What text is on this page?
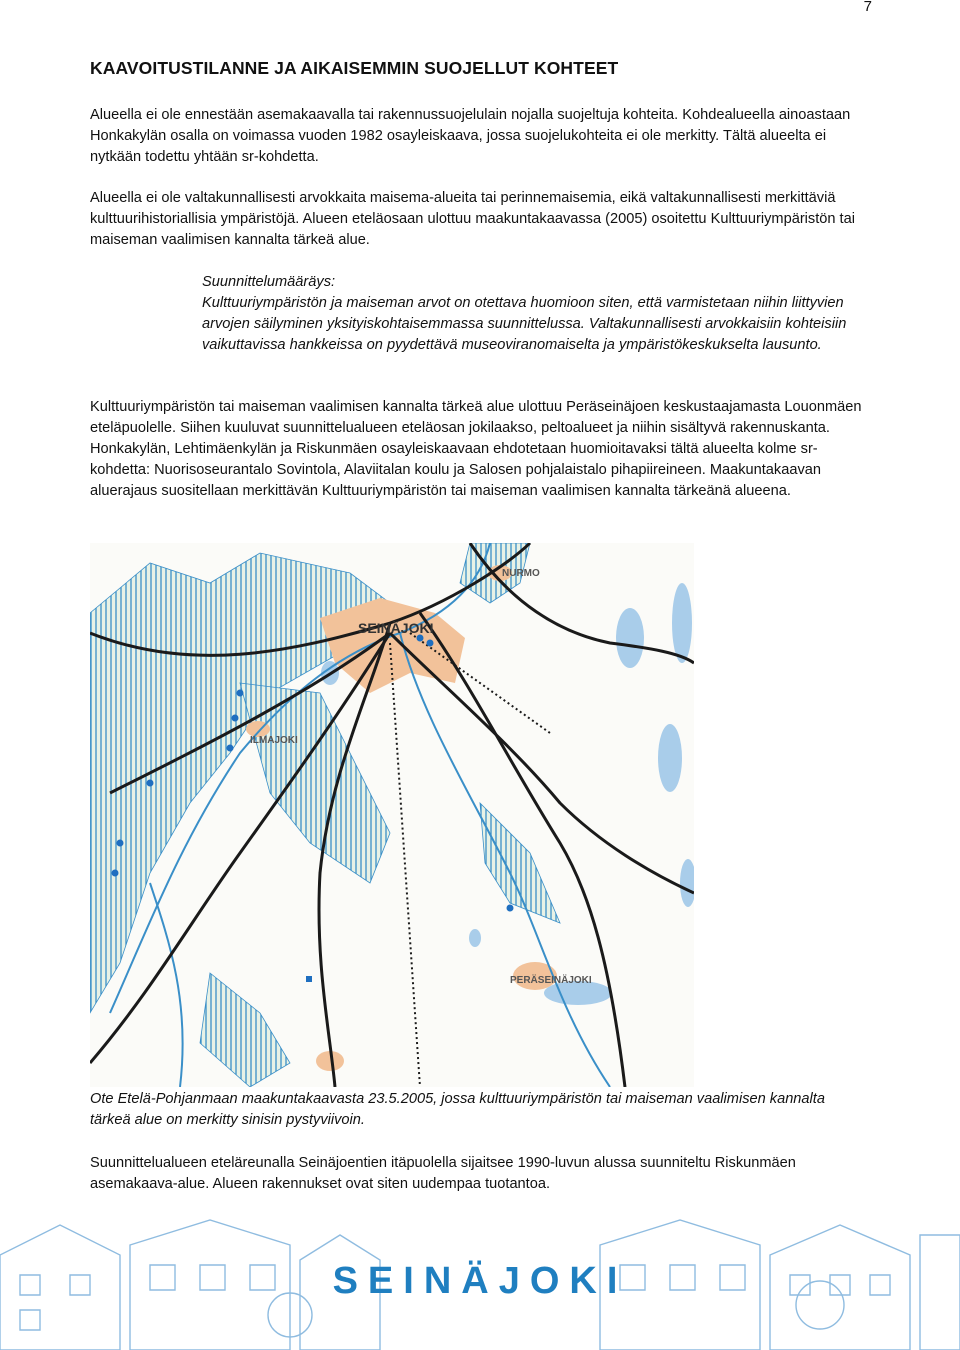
7
KAAVOITUSTILANNE JA AIKAISEMMIN SUOJELLUT KOHTEET

Alueella ei ole ennestään asemakaavalla tai rakennussuojelulain nojalla suojeltuja kohteita. Kohdealueella ainoastaan Honkakylän osalla on voimassa vuoden 1982 osayleiskaava, jossa suojelukohteita ei ole merkitty. Tältä alueelta ei nytkään todettu yhtään sr-kohdetta.

Alueella ei ole valtakunnallisesti arvokkaita maisema-alueita tai perinnemaisemia, eikä valtakunnallisesti merkittäviä kulttuurihistoriallisia ympäristöjä. Alueen eteläosaan ulottuu maakuntakaavassa (2005) osoitettu Kulttuuriympäristön tai maiseman vaalimisen kannalta tärkeä alue.

Suunnittelumääräys:
Kulttuuriympäristön ja maiseman arvot on otettava huomioon siten, että varmistetaan niihin liittyvien arvojen säilyminen yksityiskohtaisemmassa suunnittelussa. Valtakunnallisesti arvokkaisiin kohteisiin vaikuttavissa hankkeissa on pyydettävä museoviranomaiselta ja ympäristökeskukselta lausunto.

Kulttuuriympäristön tai maiseman vaalimisen kannalta tärkeä alue ulottuu Peräseinäjoen keskustaajamasta Louonmäen eteläpuolelle. Siihen kuuluvat suunnittelualueen eteläosan jokilaakso, peltoalueet ja niihin sisältyvä rakennuskanta. Honkakylän, Lehtimäenkylän ja Riskunmäen osayleiskaavaan ehdotetaan huomioitavaksi tältä alueelta kolme sr-kohdetta: Nuorisoseurantalo Sovintola, Alaviitalan koulu ja Salosen pohjalaistalo pihapiireineen. Maakuntakaavan aluerajaus suositellaan merkittävän Kulttuuriympäristön tai maiseman vaalimisen kannalta tärkeänä alueena.

NURMO
SEINÄJOKI
ILMAJOKI
PERÄSEINÄJOKI

Ote Etelä-Pohjanmaan maakuntakaavasta 23.5.2005, jossa kulttuuriympäristön tai maiseman vaalimisen kannalta tärkeä alue on merkitty sinisin pystyviivoin.

Suunnittelualueen eteläreunalla Seinäjoentien itäpuolella sijaitsee 1990-luvun alussa suunniteltu Riskunmäen asemakaava-alue. Alueen rakennukset ovat siten uudempaa tuotantoa.

SEINÄJOKI
